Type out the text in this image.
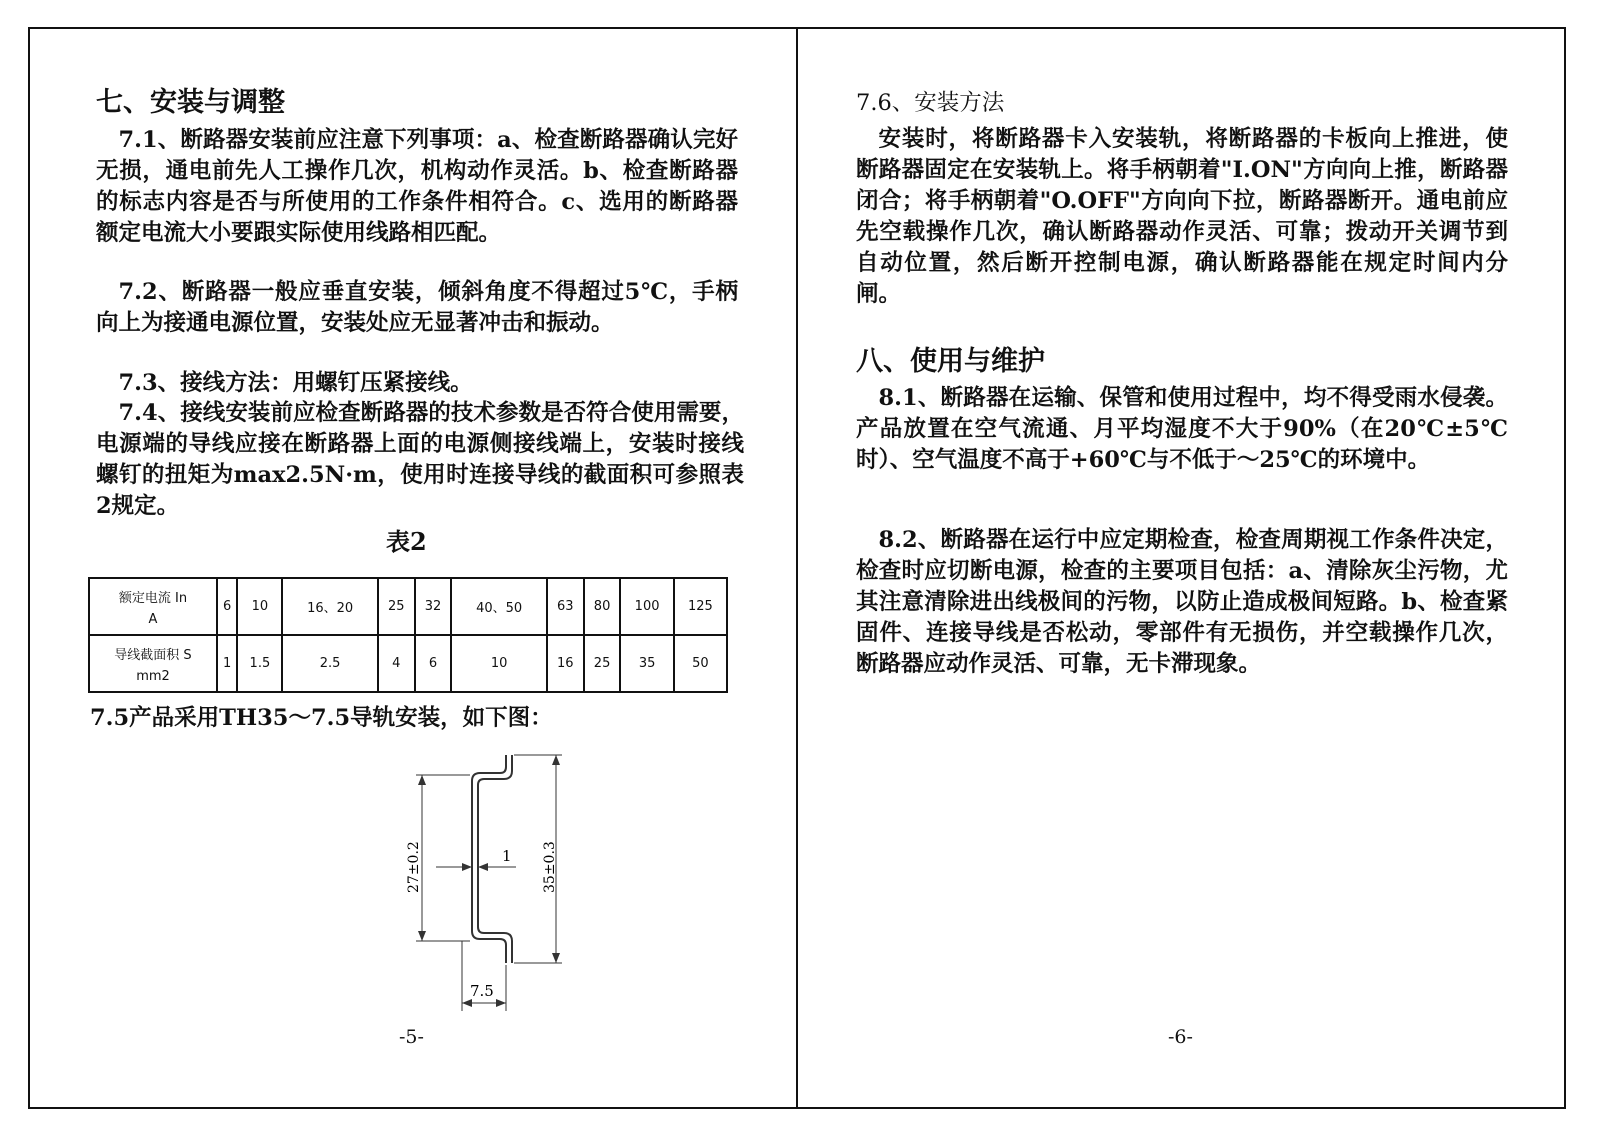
七、安装与调整

7.1、断路器安装前应注意下列事项：a、检查断路器确认完好无损，通电前先人工操作几次，机构动作灵活。b、检查断路器的标志内容是否与所使用的工作条件相符合。c、选用的断路器额定电流大小要跟实际使用线路相匹配。

7.2、断路器一般应垂直安装，倾斜角度不得超过5℃，手柄向上为接通电源位置，安装处应无显著冲击和振动。

7.3、接线方法：用螺钉压紧接线。

7.4、接线安装前应检查断路器的技术参数是否符合使用需要，电源端的导线应接在断路器上面的电源侧接线端上，安装时接线螺钉的扭矩为max2.5N·m，使用时连接导线的截面积可参照表2规定。

表2
额定电流 In
A	6	10	16、20	25	32	40、50	63	80	100	125

导线截面积 S
mm2	1	1.5	2.5	4	6	10	16	25	35	50

7.5产品采用TH35～7.5导轨安装，如下图：

27±0.2	35±0.3
1
7.5
-5-

7.6、安装方法

安装时，将断路器卡入安装轨，将断路器的卡板向上推进，使断路器固定在安装轨上。将手柄朝着"I.ON"方向向上推，断路器闭合；将手柄朝着"O.OFF"方向向下拉，断路器断开。通电前应先空载操作几次，确认断路器动作灵活、可靠；拨动开关调节到自动位置，然后断开控制电源，确认断路器能在规定时间内分闸。

八、使用与维护

8.1、断路器在运输、保管和使用过程中，均不得受雨水侵袭。产品放置在空气流通、月平均湿度不大于90%（在20℃±5℃时）、空气温度不高于+60℃与不低于～25℃的环境中。

8.2、断路器在运行中应定期检查，检查周期视工作条件决定，检查时应切断电源，检查的主要项目包括：a、清除灰尘污物，尤其注意清除进出线极间的污物，以防止造成极间短路。b、检查紧固件、连接导线是否松动，零部件有无损伤，并空载操作几次，断路器应动作灵活、可靠，无卡滞现象。

-6-
